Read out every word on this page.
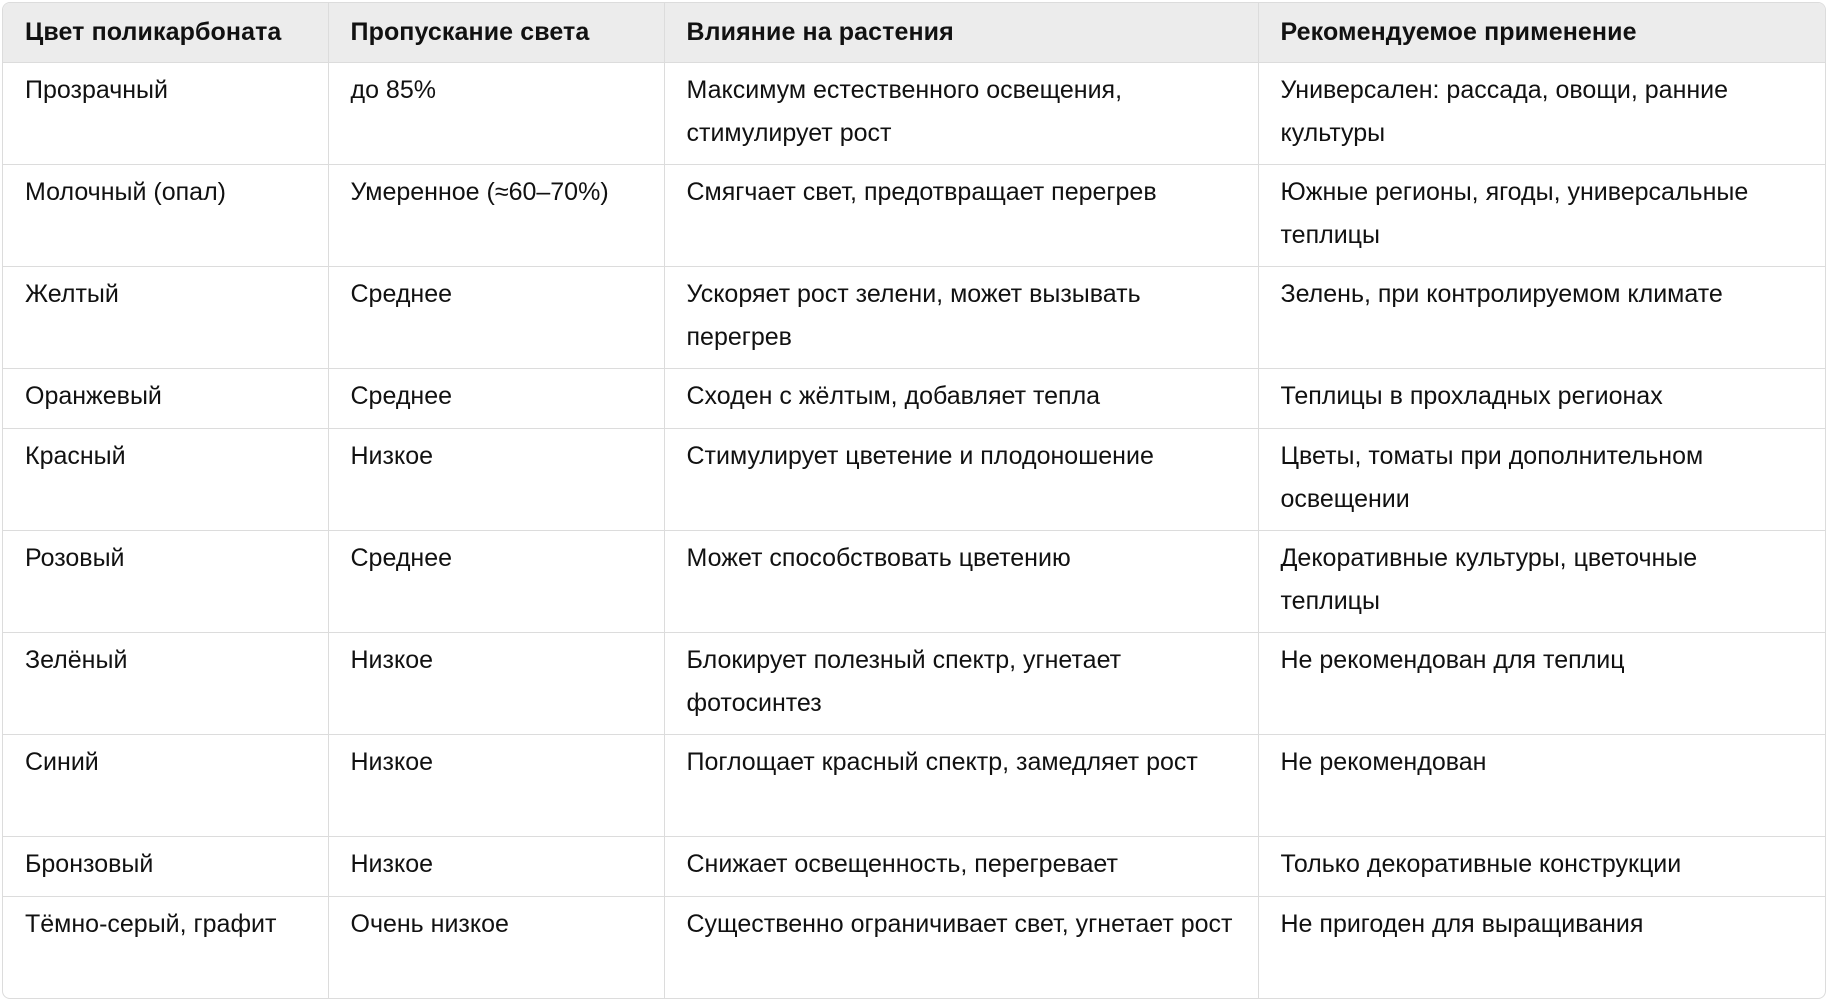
Цвет поликарбоната	Пропускание света	Влияние на растения	Рекомендуемое применение
Прозрачный	до 85%	Максимум естественного освещения, стимулирует рост	Универсален: рассада, овощи, ранние культуры
Молочный (опал)	Умеренное (≈60–70%)	Смягчает свет, предотвращает перегрев	Южные регионы, ягоды, универсальные теплицы
Желтый	Среднее	Ускоряет рост зелени, может вызывать перегрев	Зелень, при контролируемом климате
Оранжевый	Среднее	Сходен с жёлтым, добавляет тепла	Теплицы в прохладных регионах
Красный	Низкое	Стимулирует цветение и плодоношение	Цветы, томаты при дополнительном освещении
Розовый	Среднее	Может способствовать цветению	Декоративные культуры, цветочные теплицы
Зелёный	Низкое	Блокирует полезный спектр, угнетает фотосинтез	Не рекомендован для теплиц
Синий	Низкое	Поглощает красный спектр, замедляет рост	Не рекомендован
Бронзовый	Низкое	Снижает освещенность, перегревает	Только декоративные конструкции
Тёмно-серый, графит	Очень низкое	Существенно ограничивает свет, угнетает рост	Не пригоден для выращивания
